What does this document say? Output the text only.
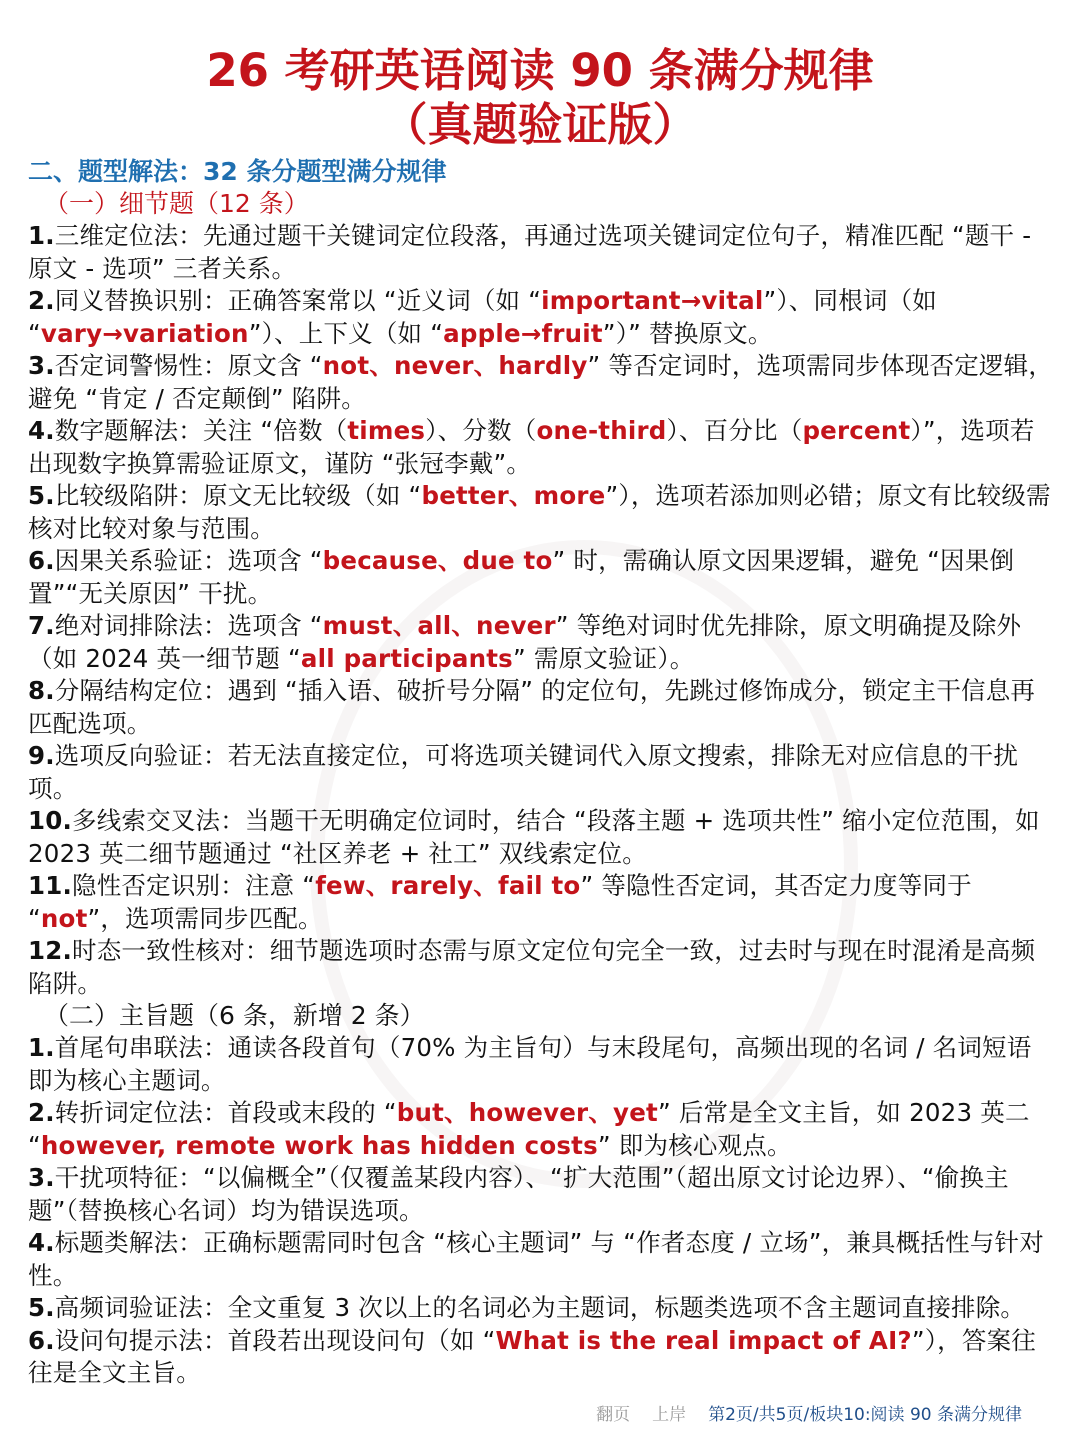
26 考研英语阅读 90 条满分规律
（真题验证版）

二、题型解法：32 条分题型满分规律

（一）细节题（12 条）

1.三维定位法：先通过题干关键词定位段落，再通过选项关键词定位句子，精准匹配 “题干 - 原文 - 选项” 三者关系。

2.同义替换识别：正确答案常以 “近义词（如 “important→vital”）、同根词（如 “vary→variation”）、上下义（如 “apple→fruit”）” 替换原文。

3.否定词警惕性：原文含 “not、never、hardly” 等否定词时，选项需同步体现否定逻辑，避免 “肯定 / 否定颠倒” 陷阱。

4.数字题解法：关注 “倍数（times）、分数（one-third）、百分比（percent）”，选项若出现数字换算需验证原文，谨防 “张冠李戴”。

5.比较级陷阱：原文无比较级（如 “better、more”），选项若添加则必错；原文有比较级需核对比较对象与范围。

6.因果关系验证：选项含 “because、due to” 时，需确认原文因果逻辑，避免 “因果倒置”“无关原因” 干扰。

7.绝对词排除法：选项含 “must、all、never” 等绝对词时优先排除，原文明确提及除外（如 2024 英一细节题 “all participants” 需原文验证）。

8.分隔结构定位：遇到 “插入语、破折号分隔” 的定位句，先跳过修饰成分，锁定主干信息再匹配选项。

9.选项反向验证：若无法直接定位，可将选项关键词代入原文搜索，排除无对应信息的干扰项。

10.多线索交叉法：当题干无明确定位词时，结合 “段落主题 + 选项共性” 缩小定位范围，如 2023 英二细节题通过 “社区养老 + 社工” 双线索定位。

11.隐性否定识别：注意 “few、rarely、fail to” 等隐性否定词，其否定力度等同于 “not”，选项需同步匹配。

12.时态一致性核对：细节题选项时态需与原文定位句完全一致，过去时与现在时混淆是高频陷阱。

（二）主旨题（6 条，新增 2 条）

1.首尾句串联法：通读各段首句（70% 为主旨句）与末段尾句，高频出现的名词 / 名词短语即为核心主题词。

2.转折词定位法：首段或末段的 “but、however、yet” 后常是全文主旨，如 2023 英二 “however, remote work has hidden costs” 即为核心观点。

3.干扰项特征：“以偏概全”（仅覆盖某段内容）、“扩大范围”（超出原文讨论边界）、“偷换主题”（替换核心名词）均为错误选项。

4.标题类解法：正确标题需同时包含 “核心主题词” 与 “作者态度 / 立场”，兼具概括性与针对性。

5.高频词验证法：全文重复 3 次以上的名词必为主题词，标题类选项不含主题词直接排除。

6.设问句提示法：首段若出现设问句（如 “What is the real impact of AI?”），答案往往是全文主旨。

翻页 上岸 第2页/共5页/板块10:阅读 90 条满分规律
